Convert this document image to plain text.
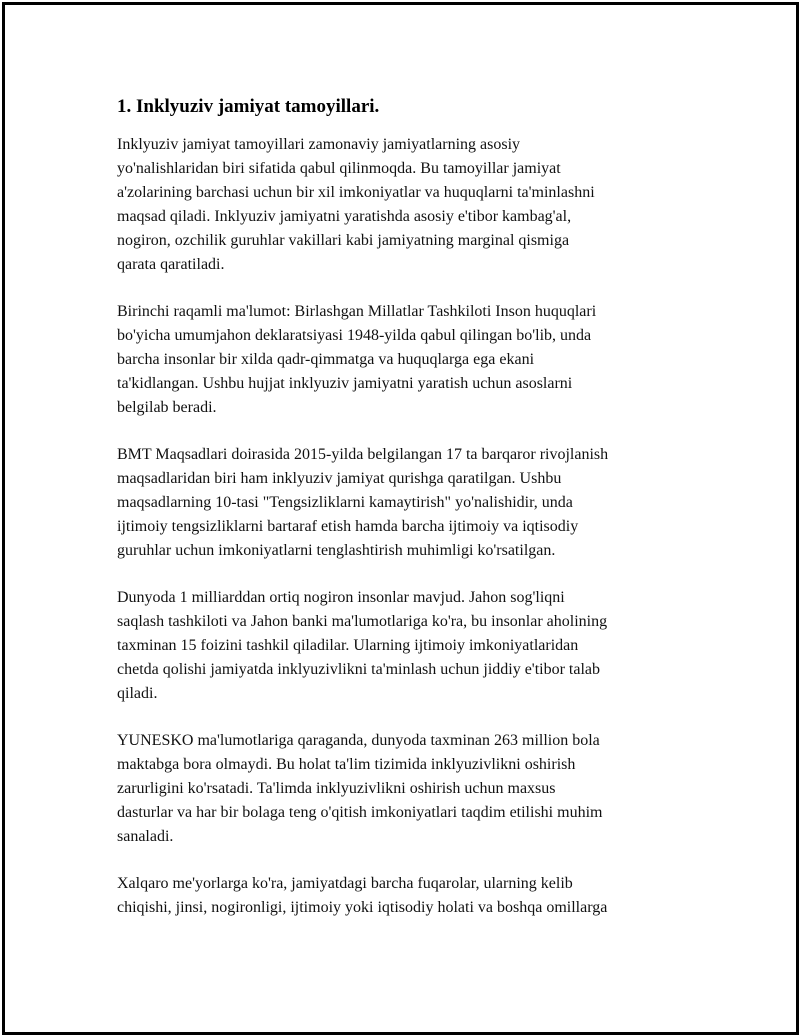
1. Inklyuziv jamiyat tamoyillari.

Inklyuziv jamiyat tamoyillari zamonaviy jamiyatlarning asosiy
yo'nalishlaridan biri sifatida qabul qilinmoqda. Bu tamoyillar jamiyat
a'zolarining barchasi uchun bir xil imkoniyatlar va huquqlarni ta'minlashni
maqsad qiladi. Inklyuziv jamiyatni yaratishda asosiy e'tibor kambag'al,
nogiron, ozchilik guruhlar vakillari kabi jamiyatning marginal qismiga
qarata qaratiladi.

Birinchi raqamli ma'lumot: Birlashgan Millatlar Tashkiloti Inson huquqlari
bo'yicha umumjahon deklaratsiyasi 1948-yilda qabul qilingan bo'lib, unda
barcha insonlar bir xilda qadr-qimmatga va huquqlarga ega ekani
ta'kidlangan. Ushbu hujjat inklyuziv jamiyatni yaratish uchun asoslarni
belgilab beradi.

BMT Maqsadlari doirasida 2015-yilda belgilangan 17 ta barqaror rivojlanish
maqsadlaridan biri ham inklyuziv jamiyat qurishga qaratilgan. Ushbu
maqsadlarning 10-tasi "Tengsizliklarni kamaytirish" yo'nalishidir, unda
ijtimoiy tengsizliklarni bartaraf etish hamda barcha ijtimoiy va iqtisodiy
guruhlar uchun imkoniyatlarni tenglashtirish muhimligi ko'rsatilgan.

Dunyoda 1 milliarddan ortiq nogiron insonlar mavjud. Jahon sog'liqni
saqlash tashkiloti va Jahon banki ma'lumotlariga ko'ra, bu insonlar aholining
taxminan 15 foizini tashkil qiladilar. Ularning ijtimoiy imkoniyatlaridan
chetda qolishi jamiyatda inklyuzivlikni ta'minlash uchun jiddiy e'tibor talab
qiladi.

YUNESKO ma'lumotlariga qaraganda, dunyoda taxminan 263 million bola
maktabga bora olmaydi. Bu holat ta'lim tizimida inklyuzivlikni oshirish
zarurligini ko'rsatadi. Ta'limda inklyuzivlikni oshirish uchun maxsus
dasturlar va har bir bolaga teng o'qitish imkoniyatlari taqdim etilishi muhim
sanaladi.

Xalqaro me'yorlarga ko'ra, jamiyatdagi barcha fuqarolar, ularning kelib
chiqishi, jinsi, nogironligi, ijtimoiy yoki iqtisodiy holati va boshqa omillarga
